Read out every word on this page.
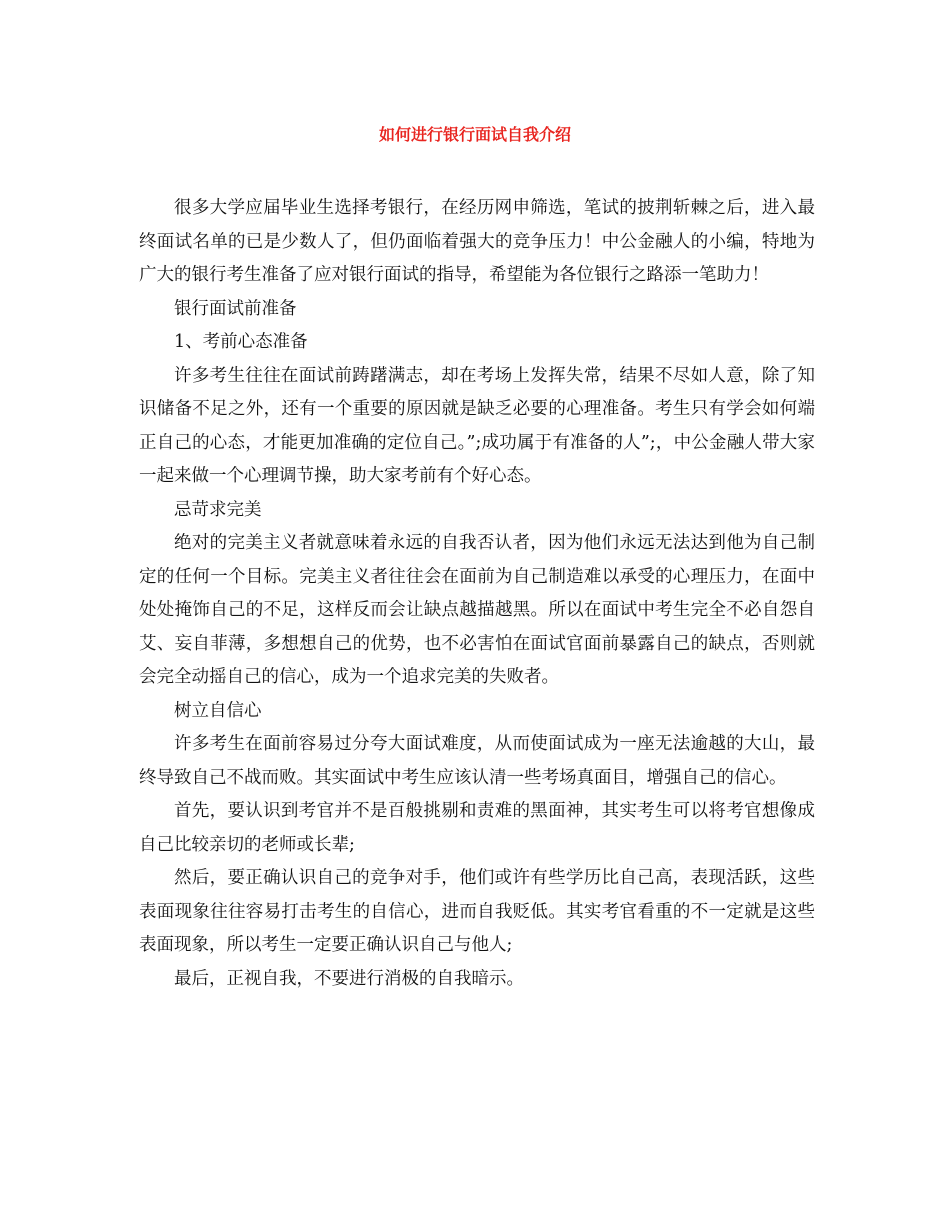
如何进行银行面试自我介绍

很多大学应届毕业生选择考银行，在经历网申筛选，笔试的披荆斩棘之后，进入最终面试名单的已是少数人了，但仍面临着强大的竞争压力！中公金融人的小编，特地为广大的银行考生准备了应对银行面试的指导，希望能为各位银行之路添一笔助力！

银行面试前准备

1、考前心态准备

许多考生往往在面试前踌躇满志，却在考场上发挥失常，结果不尽如人意，除了知识储备不足之外，还有一个重要的原因就是缺乏必要的心理准备。考生只有学会如何端正自己的心态，才能更加准确的定位自己。”;成功属于有准备的人”;，中公金融人带大家一起来做一个心理调节操，助大家考前有个好心态。

忌苛求完美

绝对的完美主义者就意味着永远的自我否认者，因为他们永远无法达到他为自己制定的任何一个目标。完美主义者往往会在面前为自己制造难以承受的心理压力，在面中处处掩饰自己的不足，这样反而会让缺点越描越黑。所以在面试中考生完全不必自怨自艾、妄自菲薄，多想想自己的优势，也不必害怕在面试官面前暴露自己的缺点，否则就会完全动摇自己的信心，成为一个追求完美的失败者。

树立自信心

许多考生在面前容易过分夸大面试难度，从而使面试成为一座无法逾越的大山，最终导致自己不战而败。其实面试中考生应该认清一些考场真面目，增强自己的信心。

首先，要认识到考官并不是百般挑剔和责难的黑面神，其实考生可以将考官想像成自己比较亲切的老师或长辈;

然后，要正确认识自己的竞争对手，他们或许有些学历比自己高，表现活跃，这些表面现象往往容易打击考生的自信心，进而自我贬低。其实考官看重的不一定就是这些表面现象，所以考生一定要正确认识自己与他人;

最后，正视自我，不要进行消极的自我暗示。
